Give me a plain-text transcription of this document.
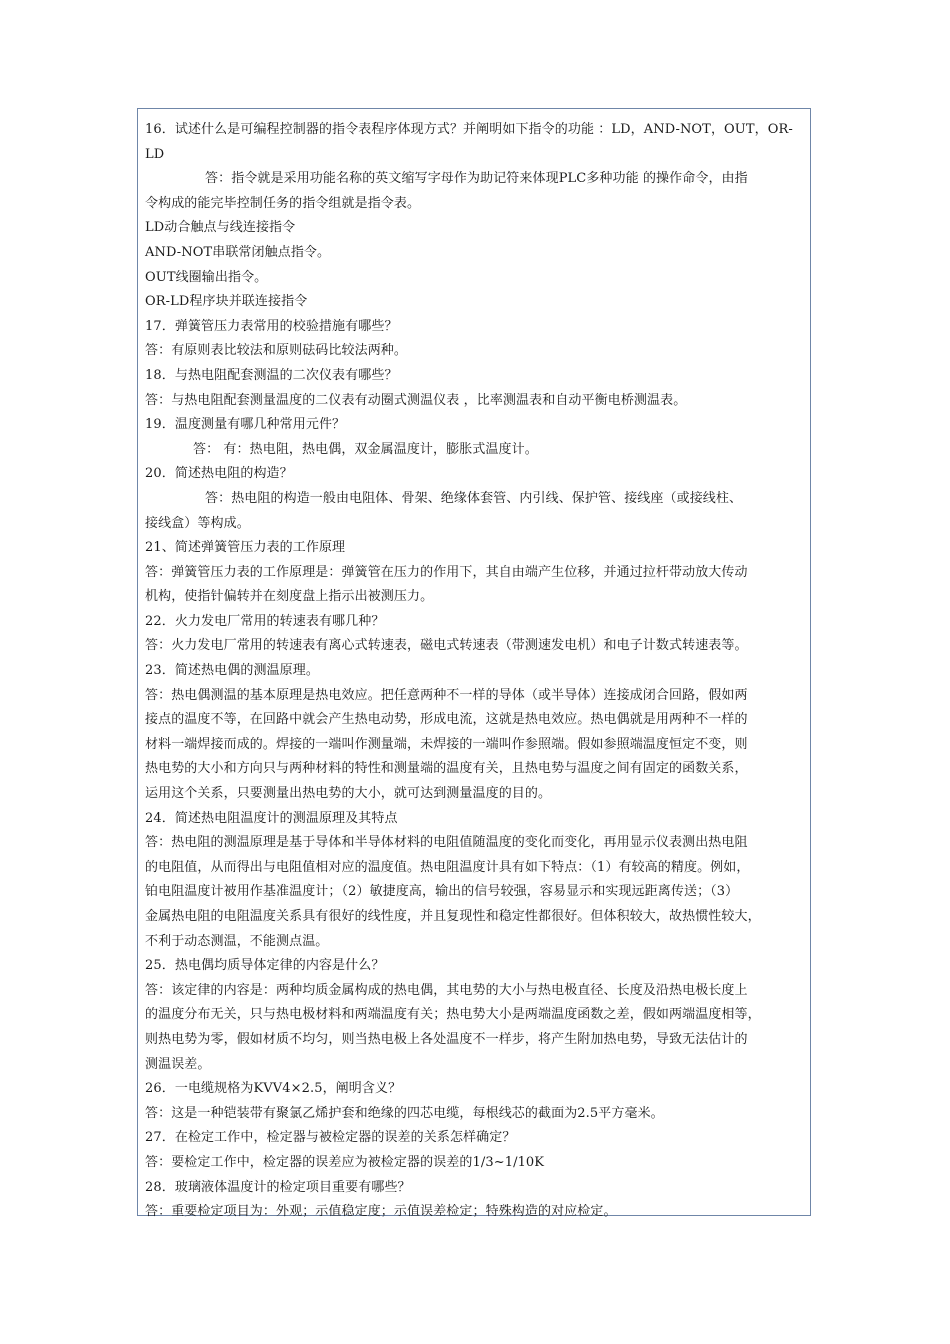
16．试述什么是可编程控制器的指令表程序体现方式？并阐明如下指令的功能 ：LD，AND-NOT，OUT，OR-
LD
答：指令就是采用功能名称的英文缩写字母作为助记符来体现PLC多种功能 的操作命令，由指
令构成的能完毕控制任务的指令组就是指令表。
LD动合触点与线连接指令
AND-NOT串联常闭触点指令。
OUT线圈输出指令。
OR-LD程序块并联连接指令
17．弹簧管压力表常用的校验措施有哪些？
答：有原则表比较法和原则砝码比较法两种。
18．与热电阻配套测温的二次仪表有哪些？
答：与热电阻配套测量温度的二仪表有动圈式测温仪表 ，比率测温表和自动平衡电桥测温表。
19．温度测量有哪几种常用元件？
答： 有：热电阻，热电偶，双金属温度计，膨胀式温度计。
20．简述热电阻的构造？
答：热电阻的构造一般由电阻体、骨架、绝缘体套管、内引线、保护管、接线座（或接线柱、
接线盒）等构成。
21、简述弹簧管压力表的工作原理
答：弹簧管压力表的工作原理是：弹簧管在压力的作用下，其自由端产生位移，并通过拉杆带动放大传动
机构，使指针偏转并在刻度盘上指示出被测压力。
22．火力发电厂常用的转速表有哪几种？
答：火力发电厂常用的转速表有离心式转速表，磁电式转速表（带测速发电机）和电子计数式转速表等。
23．简述热电偶的测温原理。
答：热电偶测温的基本原理是热电效应。把任意两种不一样的导体（或半导体）连接成闭合回路，假如两
接点的温度不等，在回路中就会产生热电动势，形成电流，这就是热电效应。热电偶就是用两种不一样的
材料一端焊接而成的。焊接的一端叫作测量端，未焊接的一端叫作参照端。假如参照端温度恒定不变，则
热电势的大小和方向只与两种材料的特性和测量端的温度有关，且热电势与温度之间有固定的函数关系，
运用这个关系，只要测量出热电势的大小，就可达到测量温度的目的。
24．简述热电阻温度计的测温原理及其特点
答：热电阻的测温原理是基于导体和半导体材料的电阻值随温度的变化而变化，再用显示仪表测出热电阻
的电阻值，从而得出与电阻值相对应的温度值。热电阻温度计具有如下特点：（1）有较高的精度。例如，
铂电阻温度计被用作基准温度计；（2）敏捷度高，输出的信号较强，容易显示和实现远距离传送；（3）
金属热电阻的电阻温度关系具有很好的线性度，并且复现性和稳定性都很好。但体积较大，故热惯性较大，
不利于动态测温，不能测点温。
25．热电偶均质导体定律的内容是什么？
答：该定律的内容是：两种均质金属构成的热电偶，其电势的大小与热电极直径、长度及沿热电极长度上
的温度分布无关，只与热电极材料和两端温度有关；热电势大小是两端温度函数之差，假如两端温度相等，
则热电势为零，假如材质不均匀，则当热电极上各处温度不一样步，将产生附加热电势，导致无法估计的
测温误差。
26．一电缆规格为KVV4×2.5，阐明含义？
答：这是一种铠装带有聚氯乙烯护套和绝缘的四芯电缆，每根线芯的截面为2.5平方毫米。
27．在检定工作中，检定器与被检定器的误差的关系怎样确定？
答：要检定工作中，检定器的误差应为被检定器的误差的1/3~1/10K
28．玻璃液体温度计的检定项目重要有哪些？
答：重要检定项目为：外观；示值稳定度；示值误差检定；特殊构造的对应检定。
